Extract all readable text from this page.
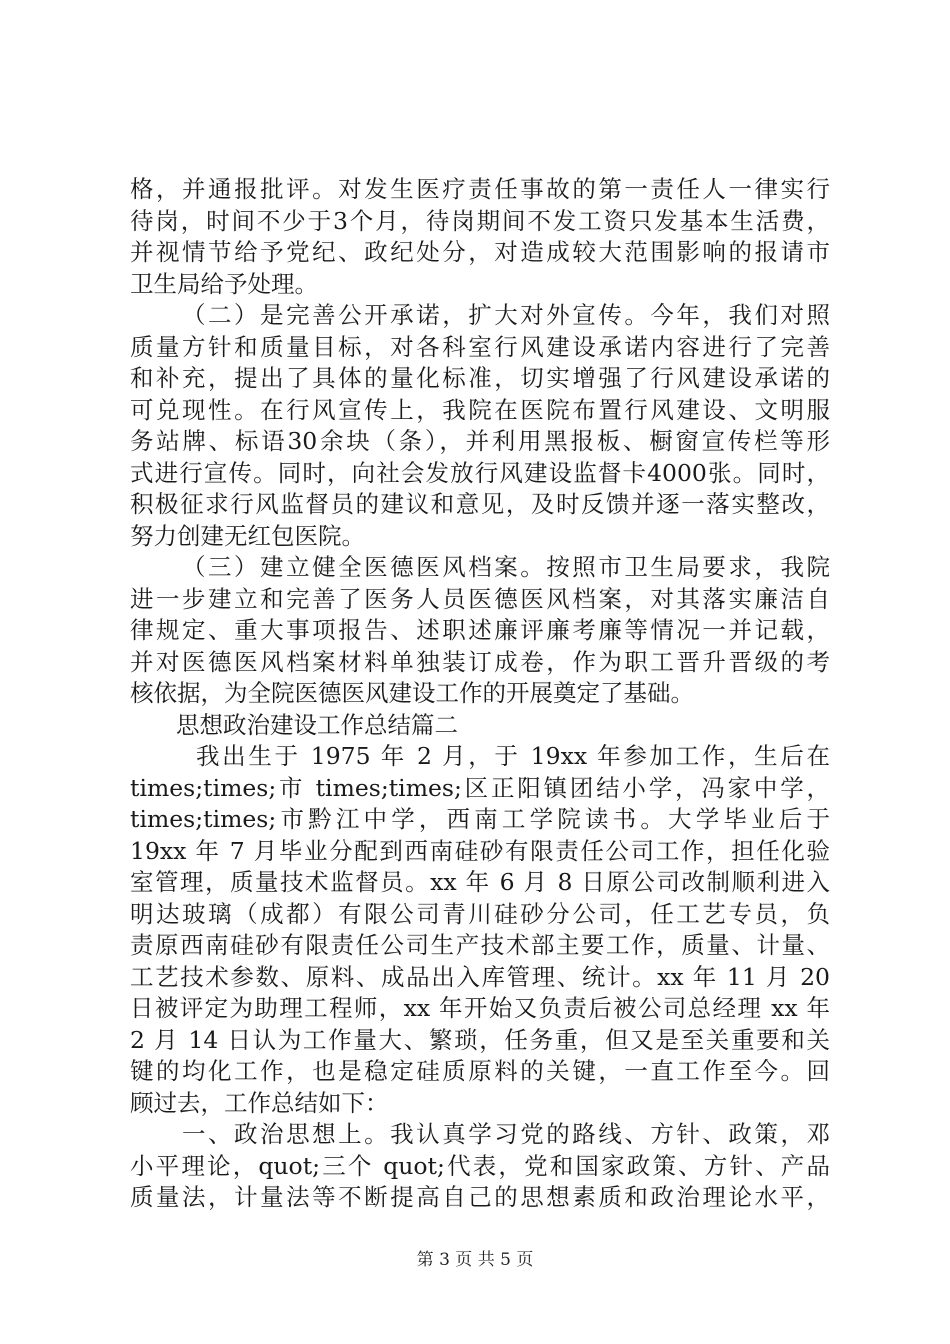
格，并通报批评。对发生医疗责任事故的第一责任人一律实行
待岗，时间不少于3个月，待岗期间不发工资只发基本生活费，
并视情节给予党纪、政纪处分，对造成较大范围影响的报请市
卫生局给予处理。
（二）是完善公开承诺，扩大对外宣传。今年，我们对照
质量方针和质量目标，对各科室行风建设承诺内容进行了完善
和补充，提出了具体的量化标准，切实增强了行风建设承诺的
可兑现性。在行风宣传上，我院在医院布置行风建设、文明服
务站牌、标语30余块（条），并利用黑报板、橱窗宣传栏等形
式进行宣传。同时，向社会发放行风建设监督卡4000张。同时，
积极征求行风监督员的建议和意见，及时反馈并逐一落实整改，
努力创建无红包医院。
（三）建立健全医德医风档案。按照市卫生局要求，我院
进一步建立和完善了医务人员医德医风档案，对其落实廉洁自
律规定、重大事项报告、述职述廉评廉考廉等情况一并记载，
并对医德医风档案材料单独装订成卷，作为职工晋升晋级的考
核依据，为全院医德医风建设工作的开展奠定了基础。
思想政治建设工作总结篇二
我出生于 1975 年 2 月，于 19xx 年参加工作，生后在
times;times;市 times;times;区正阳镇团结小学，冯家中学，
times;times;市黔江中学，西南工学院读书。大学毕业后于
19xx 年 7 月毕业分配到西南硅砂有限责任公司工作，担任化验
室管理，质量技术监督员。xx 年 6 月 8 日原公司改制顺利进入
明达玻璃（成都）有限公司青川硅砂分公司，任工艺专员，负
责原西南硅砂有限责任公司生产技术部主要工作，质量、计量、
工艺技术参数、原料、成品出入库管理、统计。xx 年 11 月 20
日被评定为助理工程师，xx 年开始又负责后被公司总经理 xx 年
2 月 14 日认为工作量大、繁琐，任务重，但又是至关重要和关
键的均化工作，也是稳定硅质原料的关键，一直工作至今。回
顾过去，工作总结如下：
一、政治思想上。我认真学习党的路线、方针、政策，邓
小平理论，quot;三个 quot;代表，党和国家政策、方针、产品
质量法，计量法等不断提高自己的思想素质和政治理论水平，
第 3 页 共 5 页
